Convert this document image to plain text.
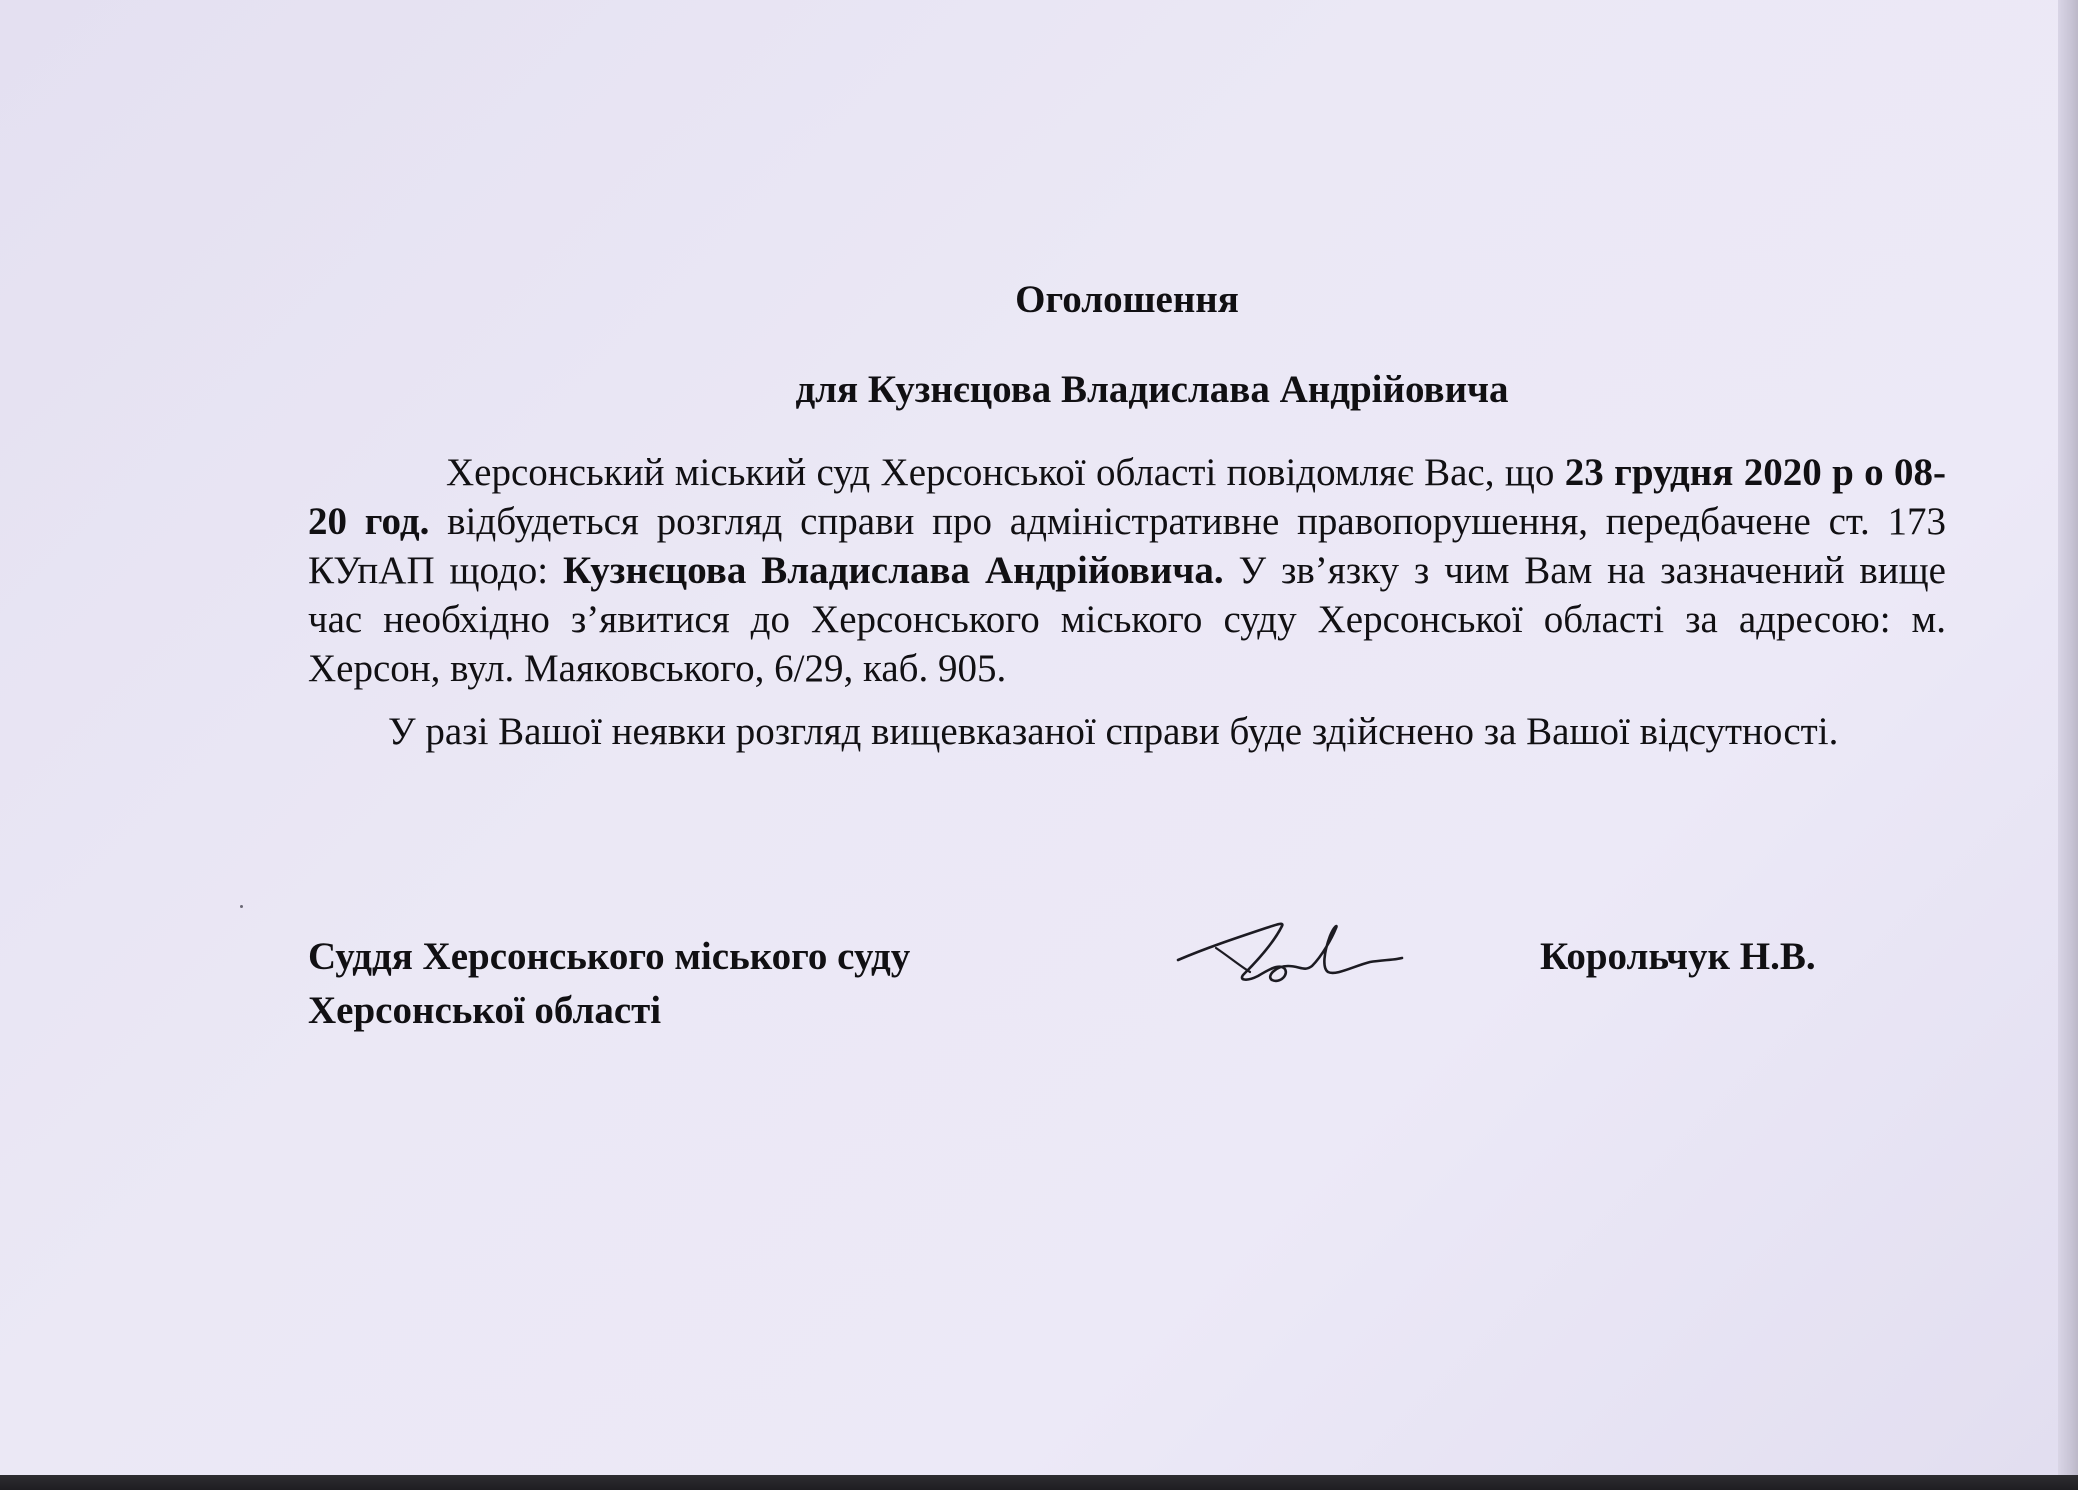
Оголошення

для Кузнєцова Владислава Андрійовича

Херсонський міський суд Херсонської області повідомляє Вас, що 23 грудня 2020 р о 08-20 год. відбудеться розгляд справи про адміністративне правопорушення, передбачене ст. 173 КУпАП щодо: Кузнєцова Владислава Андрійовича. У зв’язку з чим Вам на зазначений вище час необхідно з’явитися до Херсонського міського суду Херсонської області за адресою: м. Херсон, вул. Маяковського, 6/29, каб. 905.

У разі Вашої неявки розгляд вищевказаної справи буде здійснено за Вашої відсутності.

Суддя Херсонського міського суду
Херсонської області
Корольчук Н.В.
